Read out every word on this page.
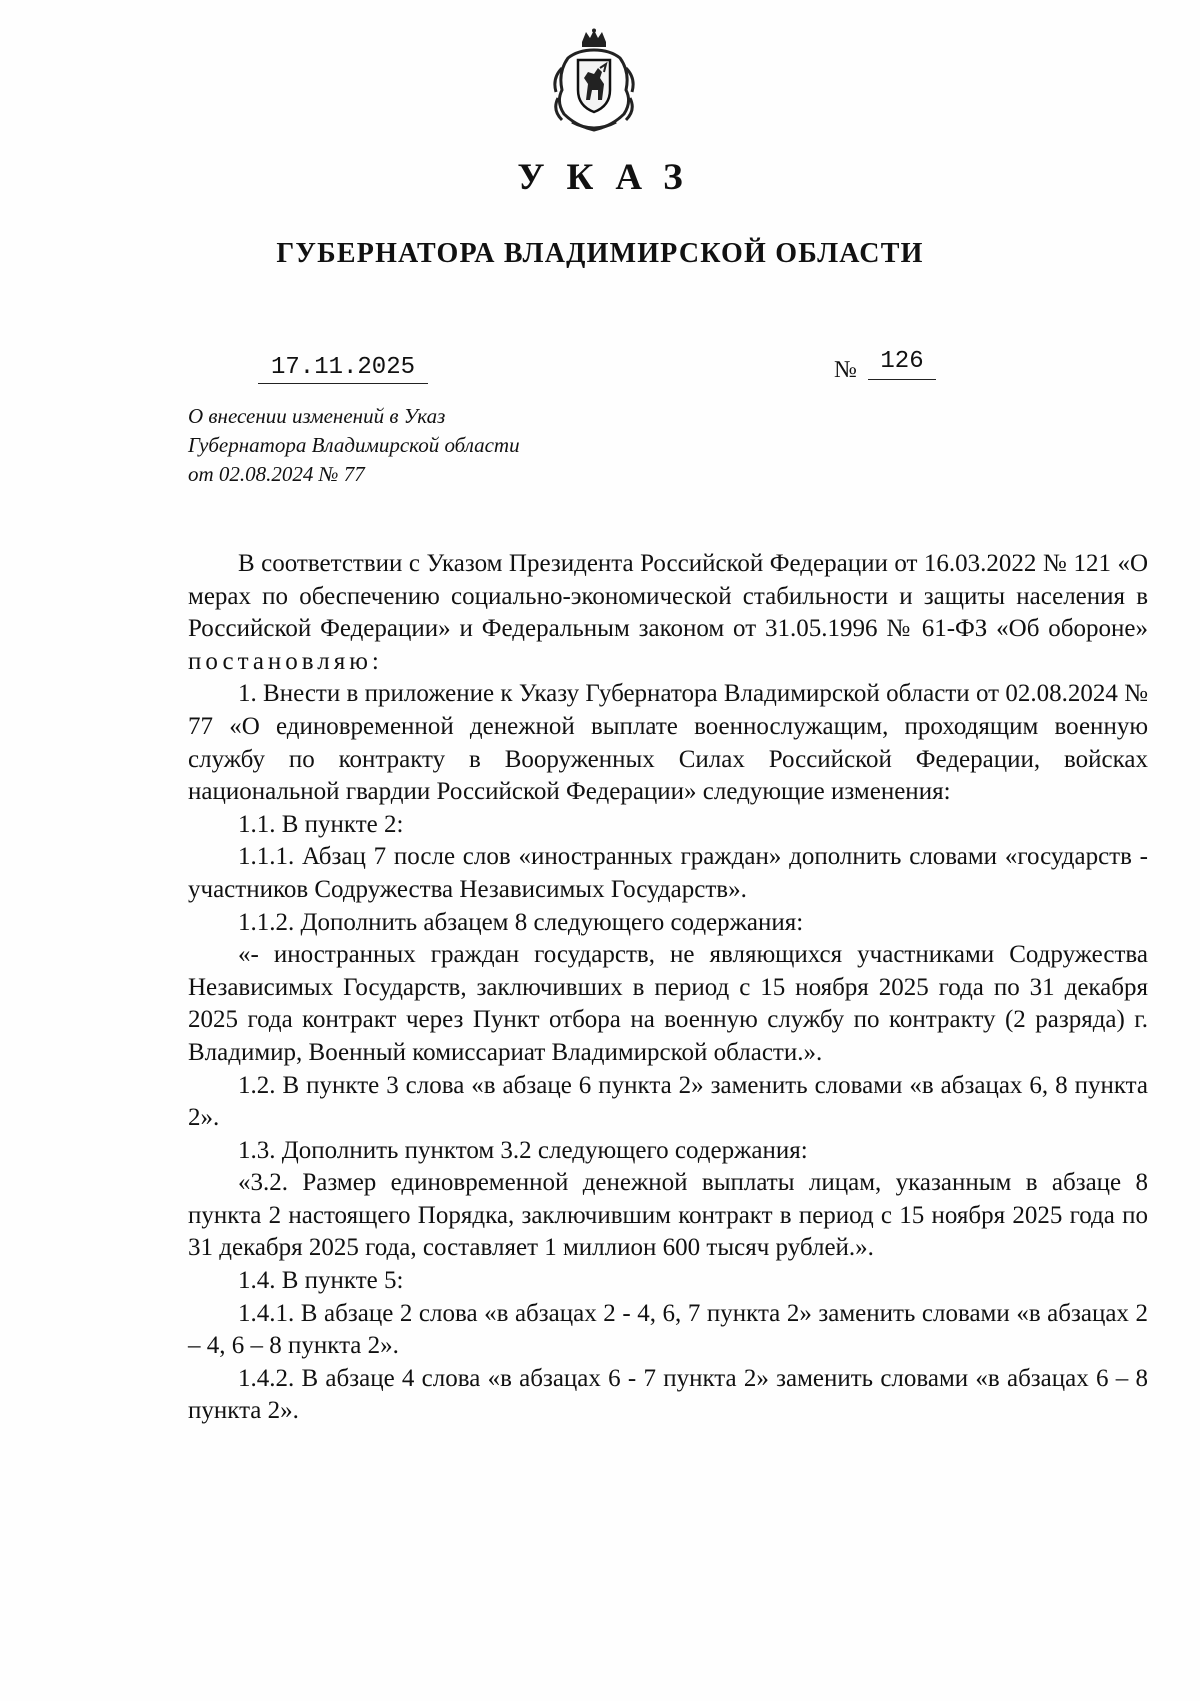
УКАЗ
ГУБЕРНАТОРА ВЛАДИМИРСКОЙ ОБЛАСТИ
17.11.2025	№ 126
О внесении изменений в Указ
Губернатора Владимирской области
от 02.08.2024 № 77

В соответствии с Указом Президента Российской Федерации от 16.03.2022 № 121 «О мерах по обеспечению социально-экономической стабильности и защиты населения в Российской Федерации» и Федеральным законом от 31.05.1996 № 61-ФЗ «Об обороне» постановляю:

1. Внести в приложение к Указу Губернатора Владимирской области от 02.08.2024 № 77 «О единовременной денежной выплате военнослужащим, проходящим военную службу по контракту в Вооруженных Силах Российской Федерации, войсках национальной гвардии Российской Федерации» следующие изменения:

1.1. В пункте 2:

1.1.1. Абзац 7 после слов «иностранных граждан» дополнить словами «государств - участников Содружества Независимых Государств».

1.1.2. Дополнить абзацем 8 следующего содержания:

«- иностранных граждан государств, не являющихся участниками Содружества Независимых Государств, заключивших в период с 15 ноября 2025 года по 31 декабря 2025 года контракт через Пункт отбора на военную службу по контракту (2 разряда) г. Владимир, Военный комиссариат Владимирской области.».

1.2. В пункте 3 слова «в абзаце 6 пункта 2» заменить словами «в абзацах 6, 8 пункта 2».

1.3. Дополнить пунктом 3.2 следующего содержания:

«3.2. Размер единовременной денежной выплаты лицам, указанным в абзаце 8 пункта 2 настоящего Порядка, заключившим контракт в период с 15 ноября 2025 года по 31 декабря 2025 года, составляет 1 миллион 600 тысяч рублей.».

1.4. В пункте 5:

1.4.1. В абзаце 2 слова «в абзацах 2 - 4, 6, 7 пункта 2» заменить словами «в абзацах 2 – 4, 6 – 8 пункта 2».

1.4.2. В абзаце 4 слова «в абзацах 6 - 7 пункта 2» заменить словами «в абзацах 6 – 8 пункта 2».
